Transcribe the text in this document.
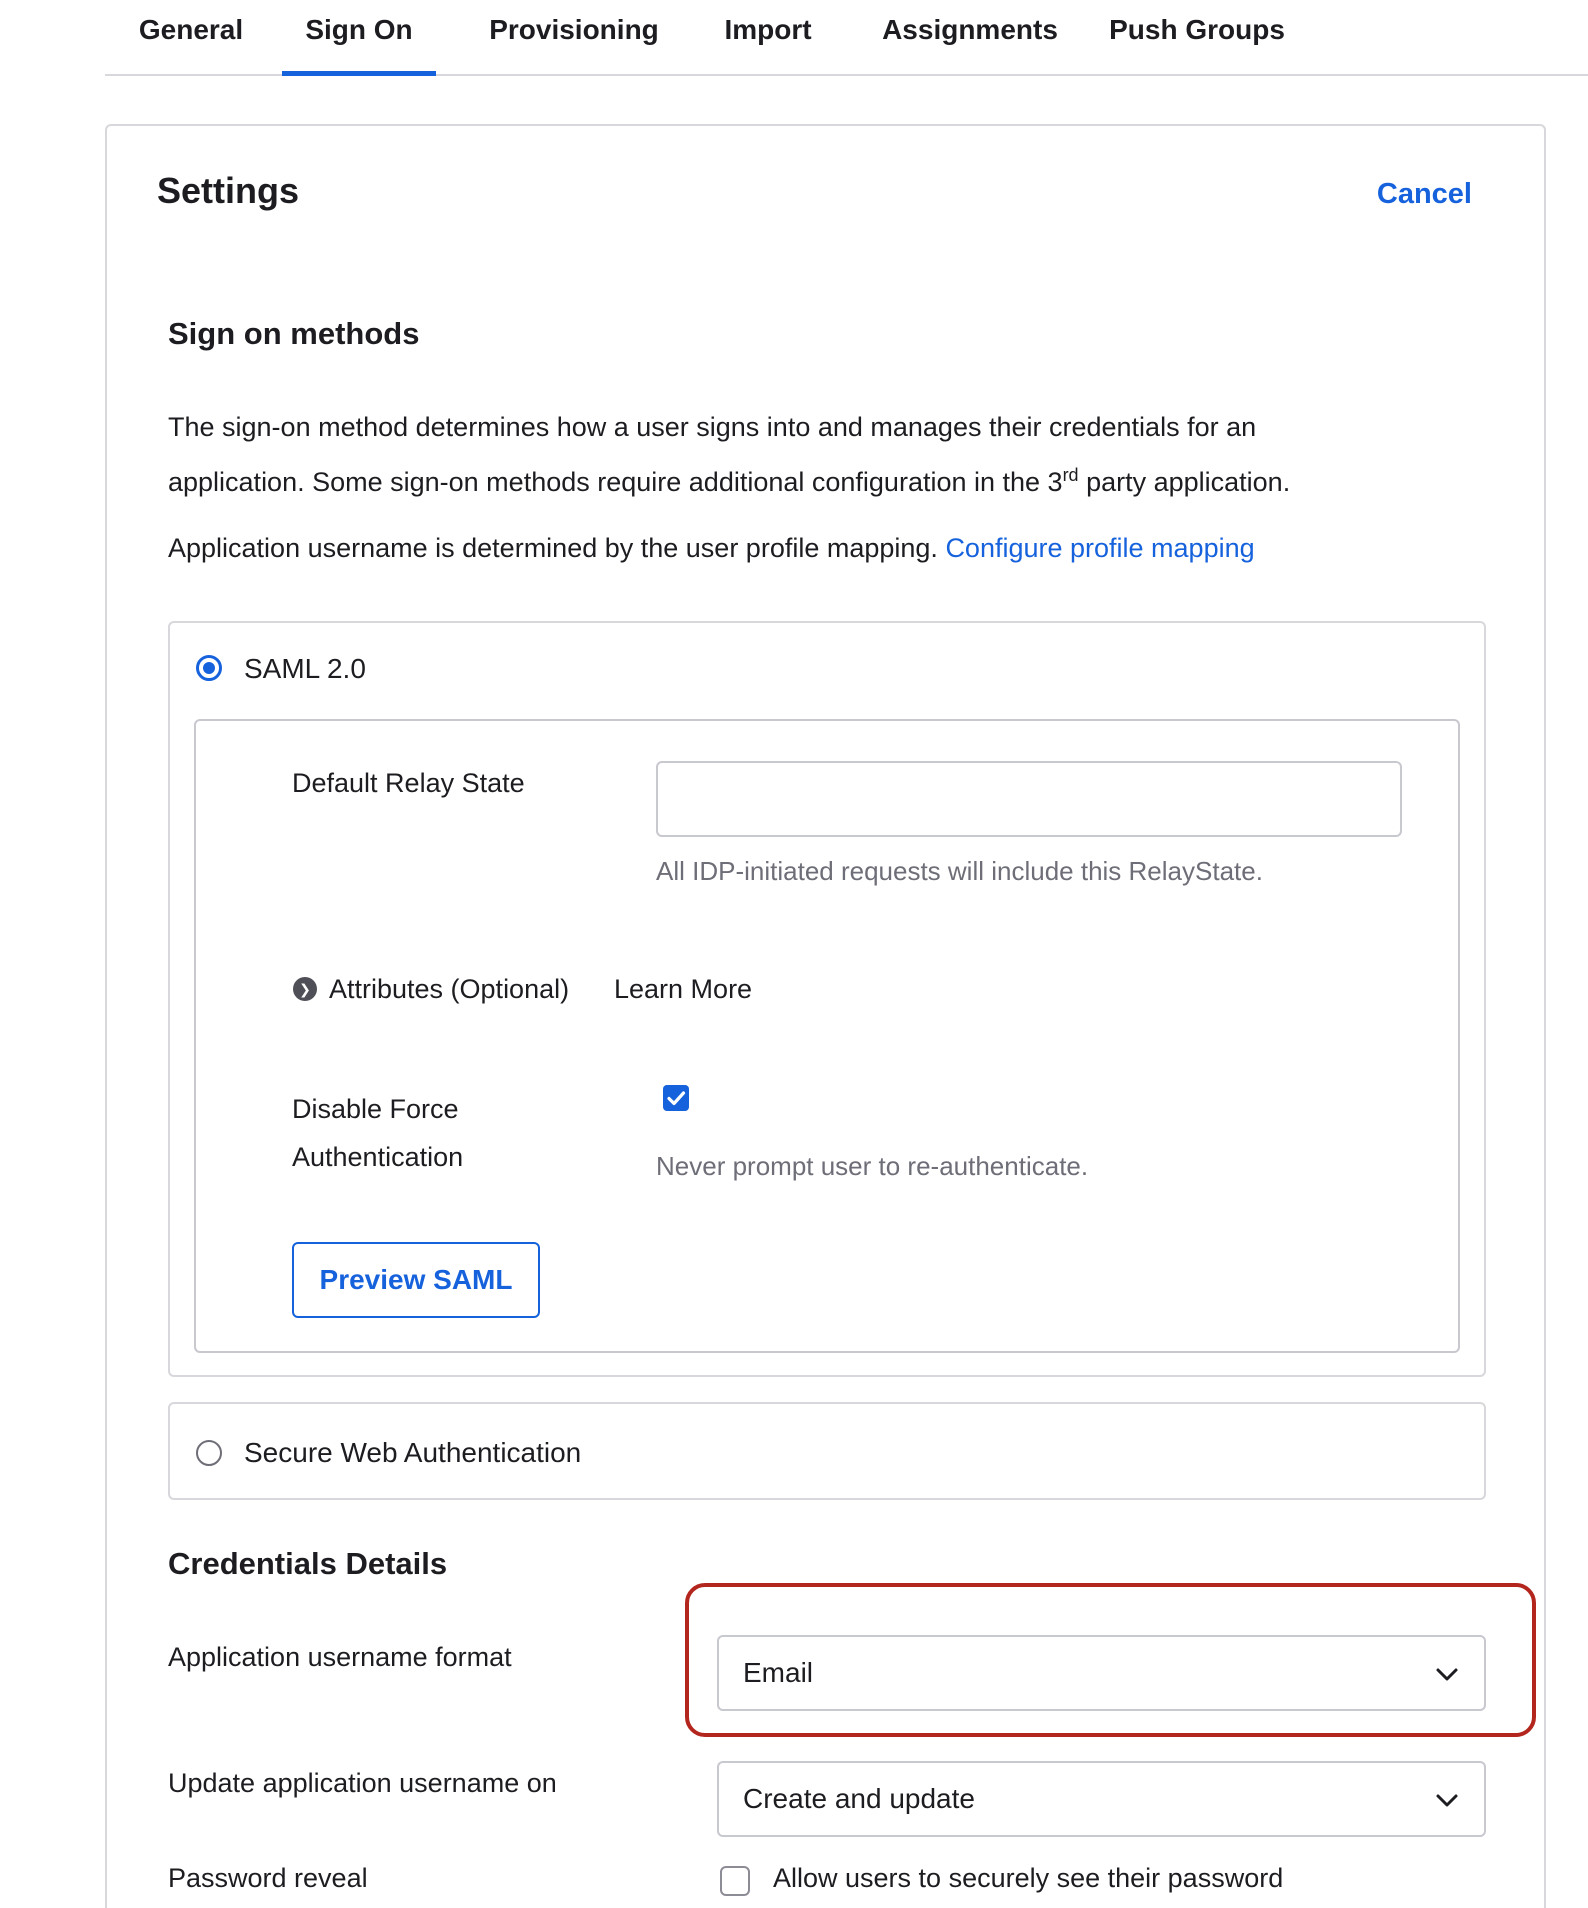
General	Sign On	Provisioning	Import	Assignments Push Groups
Settings	Cancel
Sign on methods
The sign-on method determines how a user signs into and manages their credentials for an
application. Some sign-on methods require additional configuration in the 3rd party application.
Application username is determined by the user profile mapping. Configure profile mapping
SAML 2.0
Default Relay State
All IDP-initiated requests will include this RelayState.
❯ Attributes (Optional) Learn More
Disable Force
Authentication	Never prompt user to re-authenticate.
Preview SAML
Secure Web Authentication
Credentials Details
Application username format	Email
Update application username on	Create and update
Password reveal	Allow users to securely see their password
